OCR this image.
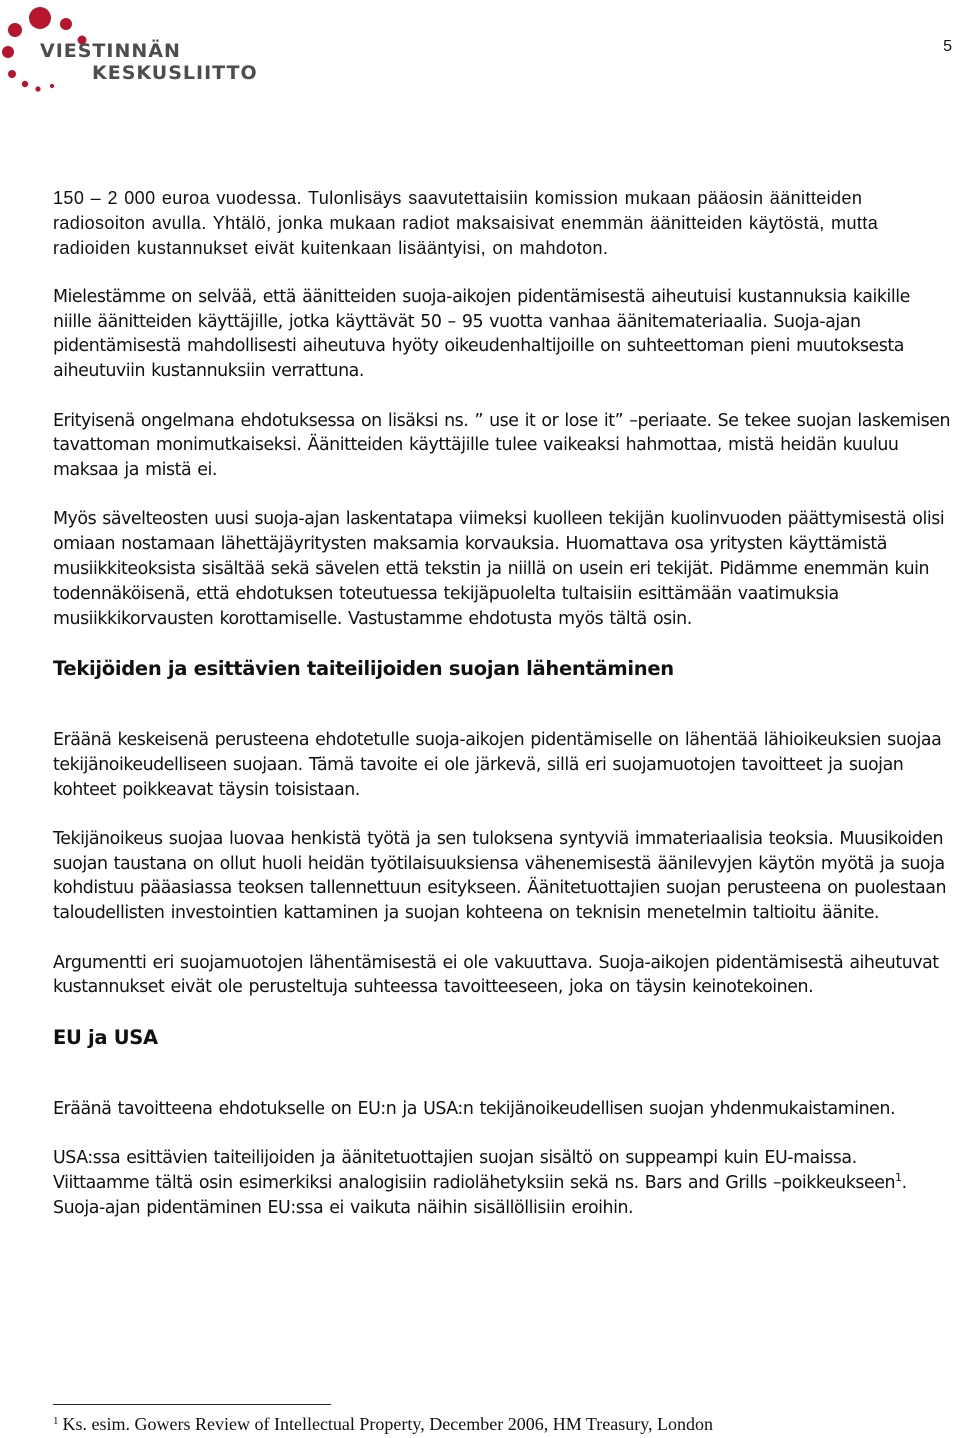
VIESTINNÄN
KESKUSLIITTO
5

150 – 2 000 euroa vuodessa. Tulonlisäys saavutettaisiin komission mukaan pääosin äänitteiden radiosoiton avulla. Yhtälö, jonka mukaan radiot maksaisivat enemmän äänitteiden käytöstä, mutta radioiden kustannukset eivät kuitenkaan lisääntyisi, on mahdoton.

Mielestämme on selvää, että äänitteiden suoja-aikojen pidentämisestä aiheutuisi kustannuksia kaikille niille äänitteiden käyttäjille, jotka käyttävät 50 – 95 vuotta vanhaa äänitemateriaalia. Suoja-ajan pidentämisestä mahdollisesti aiheutuva hyöty oikeudenhaltijoille on suhteettoman pieni muutoksesta aiheutuviin kustannuksiin verrattuna.

Erityisenä ongelmana ehdotuksessa on lisäksi ns. ” use it or lose it” –periaate. Se tekee suojan laskemisen tavattoman monimutkaiseksi. Äänitteiden käyttäjille tulee vaikeaksi hahmottaa, mistä heidän kuuluu maksaa ja mistä ei.

Myös sävelteosten uusi suoja-ajan laskentatapa viimeksi kuolleen tekijän kuolinvuoden päättymisestä olisi omiaan nostamaan lähettäjäyritysten maksamia korvauksia. Huomattava osa yritysten käyttämistä musiikkiteoksista sisältää sekä sävelen että tekstin ja niillä on usein eri tekijät. Pidämme enemmän kuin todennäköisenä, että ehdotuksen toteutuessa tekijäpuolelta tultaisiin esittämään vaatimuksia musiikkikorvausten korottamiselle. Vastustamme ehdotusta myös tältä osin.

Tekijöiden ja esittävien taiteilijoiden suojan lähentäminen

Eräänä keskeisenä perusteena ehdotetulle suoja-aikojen pidentämiselle on lähentää lähioikeuksien suojaa tekijänoikeudelliseen suojaan. Tämä tavoite ei ole järkevä, sillä eri suojamuotojen tavoitteet ja suojan kohteet poikkeavat täysin toisistaan.

Tekijänoikeus suojaa luovaa henkistä työtä ja sen tuloksena syntyviä immateriaalisia teoksia. Muusikoiden suojan taustana on ollut huoli heidän työtilaisuuksiensa vähenemisestä äänilevyjen käytön myötä ja suoja kohdistuu pääasiassa teoksen tallennettuun esitykseen. Äänitetuottajien suojan perusteena on puolestaan taloudellisten investointien kattaminen ja suojan kohteena on teknisin menetelmin taltioitu äänite.

Argumentti eri suojamuotojen lähentämisestä ei ole vakuuttava. Suoja-aikojen pidentämisestä aiheutuvat kustannukset eivät ole perusteltuja suhteessa tavoitteeseen, joka on täysin keinotekoinen.

EU ja USA

Eräänä tavoitteena ehdotukselle on EU:n ja USA:n tekijänoikeudellisen suojan yhdenmukaistaminen.

USA:ssa esittävien taiteilijoiden ja äänitetuottajien suojan sisältö on suppeampi kuin EU-maissa. Viittaamme tältä osin esimerkiksi analogisiin radiolähetyksiin sekä ns. Bars and Grills –poikkeukseen$^1$. Suoja-ajan pidentäminen EU:ssa ei vaikuta näihin sisällöllisiin eroihin.

$^1$ Ks. esim. Gowers Review of Intellectual Property, December 2006, HM Treasury, London
